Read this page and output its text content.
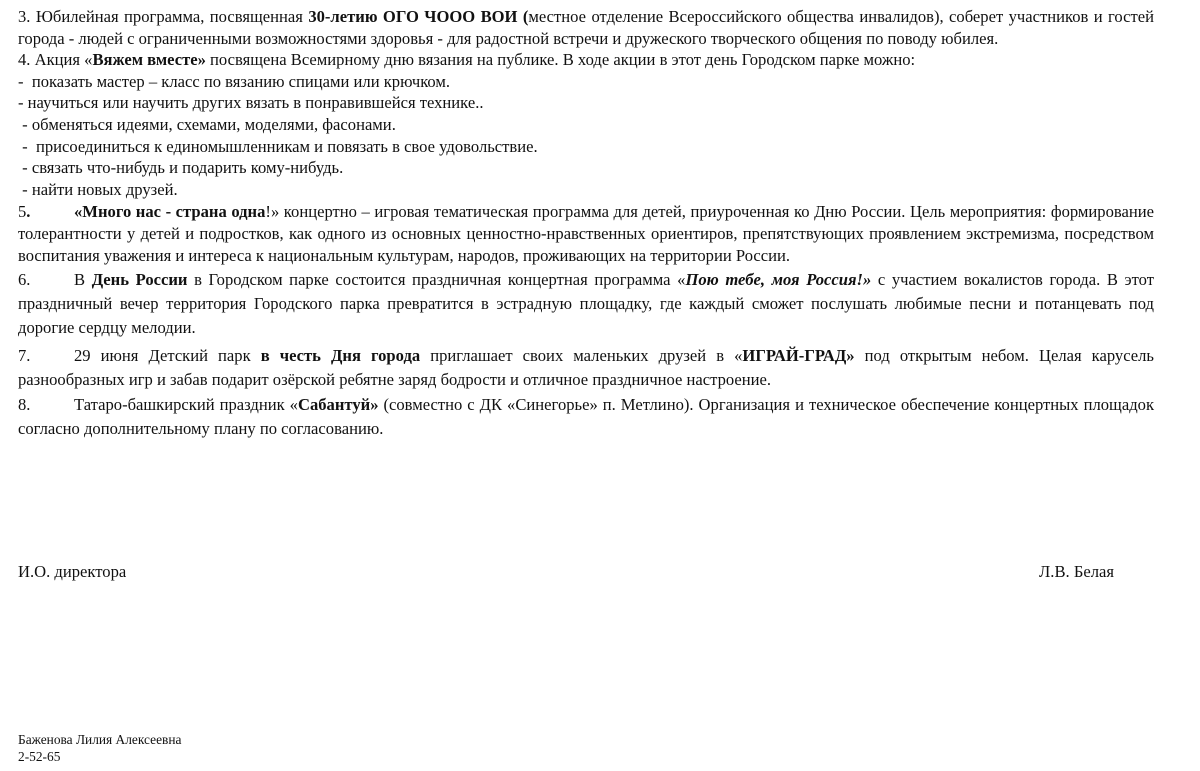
3. Юбилейная программа, посвященная 30-летию ОГО ЧООО ВОИ (местное отделение Всероссийского общества инвалидов), соберет участников и гостей города - людей с ограниченными возможностями здоровья - для радостной встречи и дружеского творческого общения по поводу юбилея.

4. Акция «Вяжем вместе» посвящена Всемирному дню вязания на публике. В ходе акции в этот день Городском парке можно:

-  показать мастер – класс по вязанию спицами или крючком.

- научиться или научить других вязать в понравившейся технике..

- обменяться идеями, схемами, моделями, фасонами.

-  присоединиться к единомышленникам и повязать в свое удовольствие.

- связать что-нибудь и подарить кому-нибудь.

- найти новых друзей.

5.	«Много нас - страна одна!» концертно – игровая тематическая программа для детей, приуроченная ко Дню России. Цель мероприятия: формирование толерантности у детей и подростков, как одного из основных ценностно-нравственных ориентиров, препятствующих проявлением экстремизма, посредством воспитания уважения и интереса к национальным культурам, народов, проживающих на территории России.

6.	В День России в Городском парке состоится праздничная концертная программа «Пою тебе, моя Россия!» с участием вокалистов города. В этот праздничный вечер территория Городского парка превратится в эстрадную площадку, где каждый сможет послушать любимые песни и потанцевать под дорогие сердцу мелодии.

7.	29 июня Детский парк в честь Дня города приглашает своих маленьких друзей в «ИГРАЙ-ГРАД» под открытым небом. Целая карусель разнообразных игр и забав подарит озёрской ребятне заряд бодрости и отличное праздничное настроение.

8.	Татаро-башкирский праздник «Сабантуй» (совместно с ДК «Синегорье» п. Метлино). Организация и техническое обеспечение концертных площадок согласно дополнительному плану по согласованию.

И.О. директора	Л.В. Белая
Баженова Лилия Алексеевна
2-52-65
